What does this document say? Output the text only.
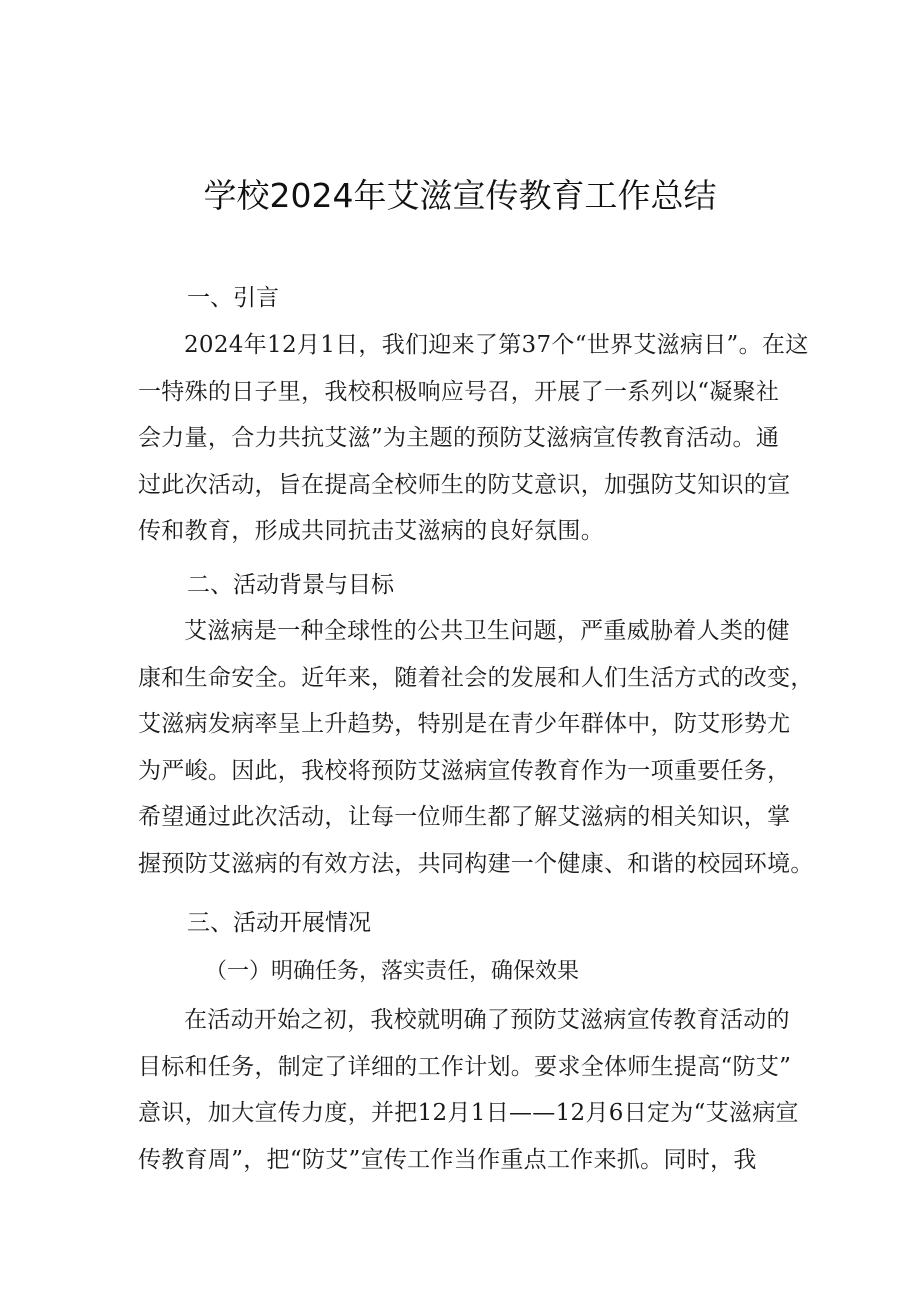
学校2024年艾滋宣传教育工作总结
一、引言
2024年12月1日，我们迎来了第37个“世界艾滋病日”。在这
一特殊的日子里，我校积极响应号召，开展了一系列以“凝聚社
会力量，合力共抗艾滋”为主题的预防艾滋病宣传教育活动。通
过此次活动，旨在提高全校师生的防艾意识，加强防艾知识的宣
传和教育，形成共同抗击艾滋病的良好氛围。
二、活动背景与目标
艾滋病是一种全球性的公共卫生问题，严重威胁着人类的健
康和生命安全。近年来，随着社会的发展和人们生活方式的改变，
艾滋病发病率呈上升趋势，特别是在青少年群体中，防艾形势尤
为严峻。因此，我校将预防艾滋病宣传教育作为一项重要任务，
希望通过此次活动，让每一位师生都了解艾滋病的相关知识，掌
握预防艾滋病的有效方法，共同构建一个健康、和谐的校园环境。
三、活动开展情况
（一）明确任务，落实责任，确保效果
在活动开始之初，我校就明确了预防艾滋病宣传教育活动的
目标和任务，制定了详细的工作计划。要求全体师生提高“防艾”
意识，加大宣传力度，并把12月1日——12月6日定为“艾滋病宣
传教育周”，把“防艾”宣传工作当作重点工作来抓。同时，我
